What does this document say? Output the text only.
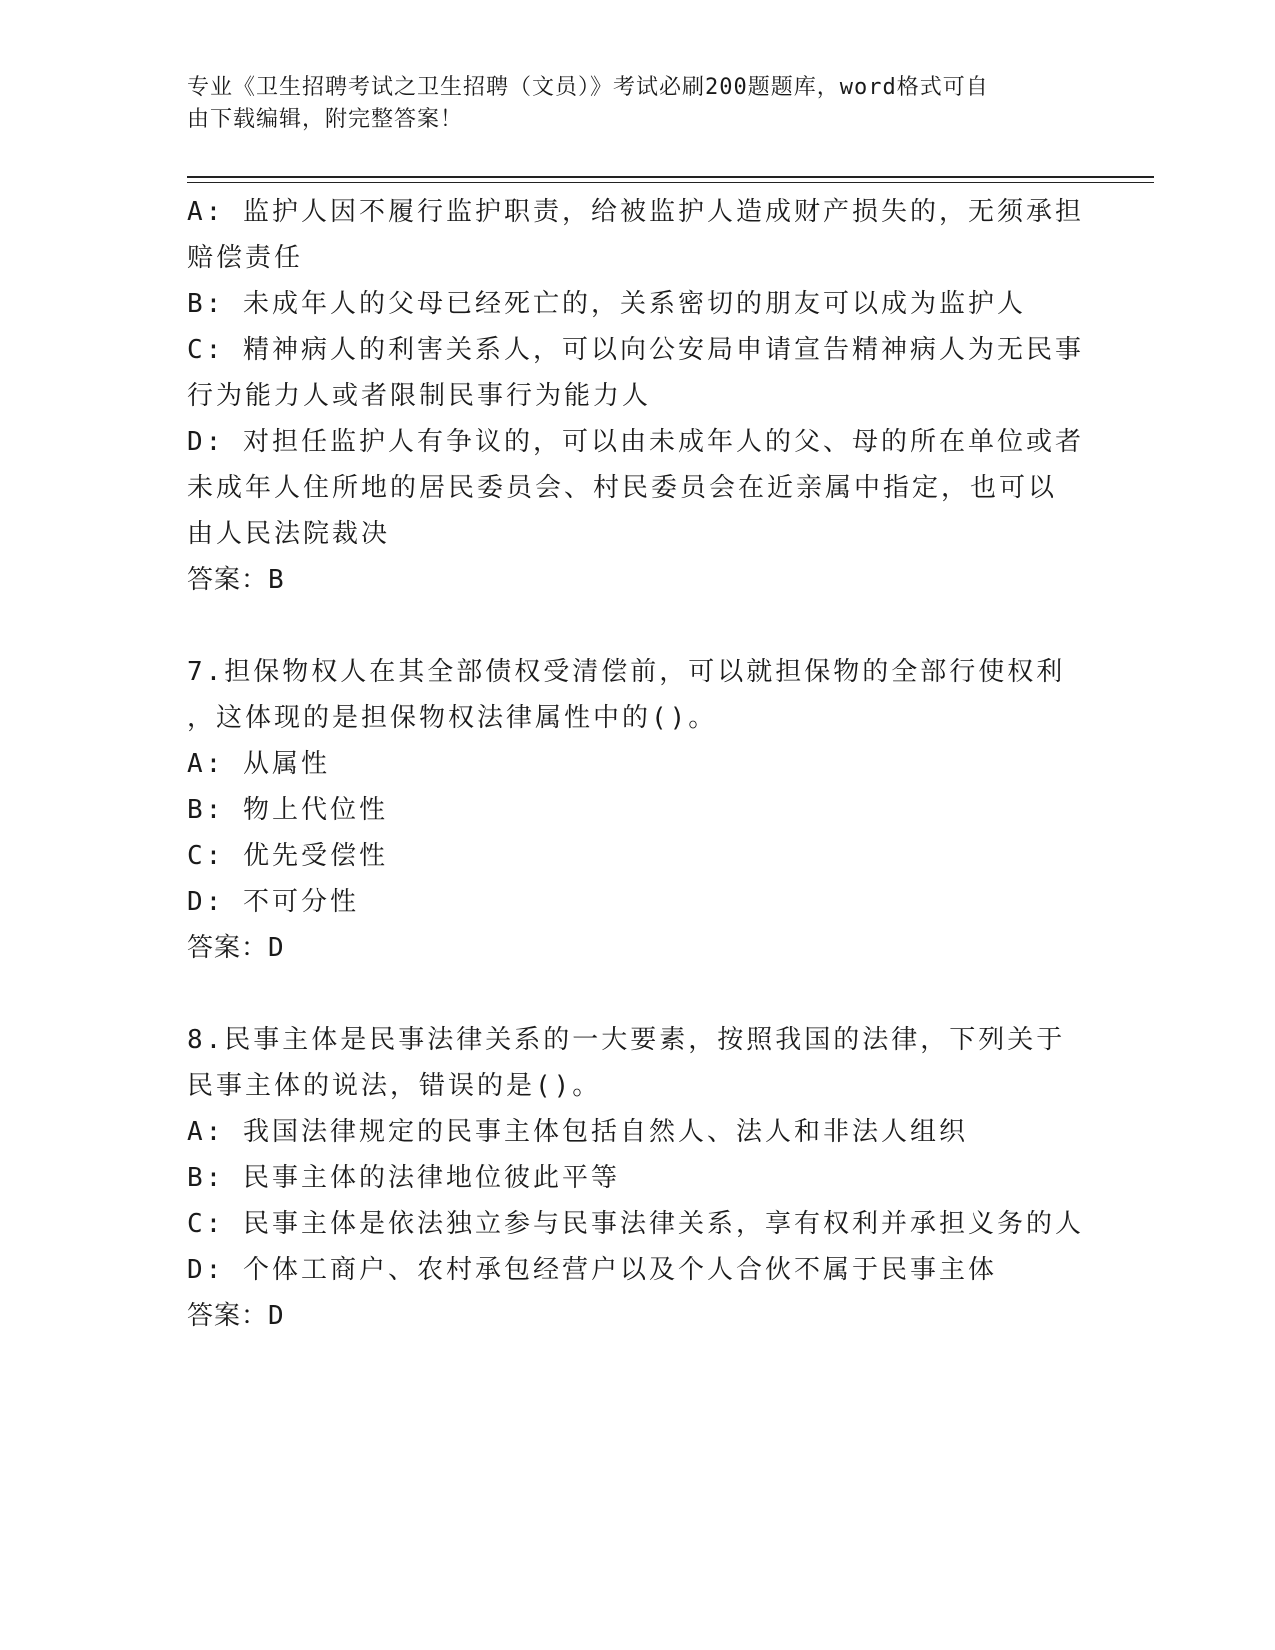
专业《卫生招聘考试之卫生招聘（文员）》考试必刷200题题库，word格式可自
由下载编辑，附完整答案！

A: 监护人因不履行监护职责，给被监护人造成财产损失的，无须承担

赔偿责任

B: 未成年人的父母已经死亡的，关系密切的朋友可以成为监护人

C: 精神病人的利害关系人，可以向公安局申请宣告精神病人为无民事

行为能力人或者限制民事行为能力人

D: 对担任监护人有争议的，可以由未成年人的父、母的所在单位或者

未成年人住所地的居民委员会、村民委员会在近亲属中指定，也可以

由人民法院裁决

答案：B

7.担保物权人在其全部债权受清偿前，可以就担保物的全部行使权利

，这体现的是担保物权法律属性中的()。

A: 从属性

B: 物上代位性

C: 优先受偿性

D: 不可分性

答案：D

8.民事主体是民事法律关系的一大要素，按照我国的法律，下列关于

民事主体的说法，错误的是()。

A: 我国法律规定的民事主体包括自然人、法人和非法人组织

B: 民事主体的法律地位彼此平等

C: 民事主体是依法独立参与民事法律关系，享有权利并承担义务的人

D: 个体工商户、农村承包经营户以及个人合伙不属于民事主体

答案：D
